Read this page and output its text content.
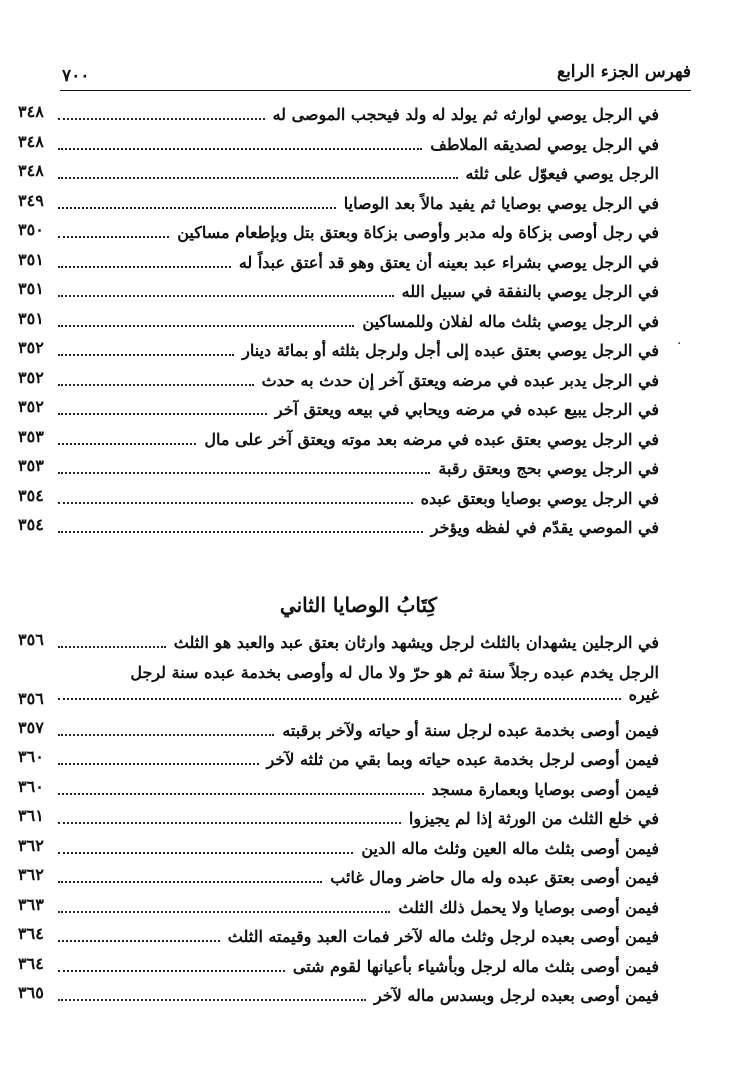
فهرس الجزء الرابع
٧٠٠
·
في الرجل يوصي لوارثه ثم يولد له ولد فيحجب الموصى له
٣٤٨
في الرجل يوصي لصديقه الملاطف
٣٤٨
الرجل يوصي فيعوّل على ثلثه
٣٤٨
في الرجل يوصي بوصايا ثم يفيد مالاً بعد الوصايا
٣٤٩
في رجل أوصى بزكاة وله مدبر وأوصى بزكاة وبعتق بتل وبإطعام مساكين
٣٥٠
في الرجل يوصي بشراء عبد بعينه أن يعتق وهو قد أعتق عبداً له
٣٥١
في الرجل يوصي بالنفقة في سبيل الله
٣٥١
في الرجل يوصي بثلث ماله لفلان وللمساكين
٣٥١
في الرجل يوصي بعتق عبده إلى أجل ولرجل بثلثه أو بمائة دينار
٣٥٢
في الرجل يدبر عبده في مرضه ويعتق آخر إن حدث به حدث
٣٥٢
في الرجل يبيع عبده في مرضه ويحابي في بيعه ويعتق آخر
٣٥٢
في الرجل يوصي بعتق عبده في مرضه بعد موته ويعتق آخر على مال
٣٥٣
في الرجل يوصي بحج وبعتق رقبة
٣٥٣
في الرجل يوصي بوصايا وبعتق عبده
٣٥٤
في الموصي يقدّم في لفظه ويؤخر
٣٥٤
كِتَابُ الوصايا الثاني
في الرجلين يشهدان بالثلث لرجل ويشهد وارثان بعتق عبد والعبد هو الثلث
٣٥٦
الرجل يخدم عبده رجلاً سنة ثم هو حرّ ولا مال له وأوصى بخدمة عبده سنة لرجل
غيره
٣٥٦
فيمن أوصى بخدمة عبده لرجل سنة أو حياته ولآخر برقبته
٣٥٧
فيمن أوصى لرجل بخدمة عبده حياته وبما بقي من ثلثه لآخر
٣٦٠
فيمن أوصى بوصايا وبعمارة مسجد
٣٦٠
في خلع الثلث من الورثة إذا لم يجيزوا
٣٦١
فيمن أوصى بثلث ماله العين وثلث ماله الدين
٣٦٢
فيمن أوصى بعتق عبده وله مال حاضر ومال غائب
٣٦٢
فيمن أوصى بوصايا ولا يحمل ذلك الثلث
٣٦٣
فيمن أوصى بعبده لرجل وثلث ماله لآخر فمات العبد وقيمته الثلث
٣٦٤
فيمن أوصى بثلث ماله لرجل وبأشياء بأعيانها لقوم شتى
٣٦٤
فيمن أوصى بعبده لرجل وبسدس ماله لآخر
٣٦٥
